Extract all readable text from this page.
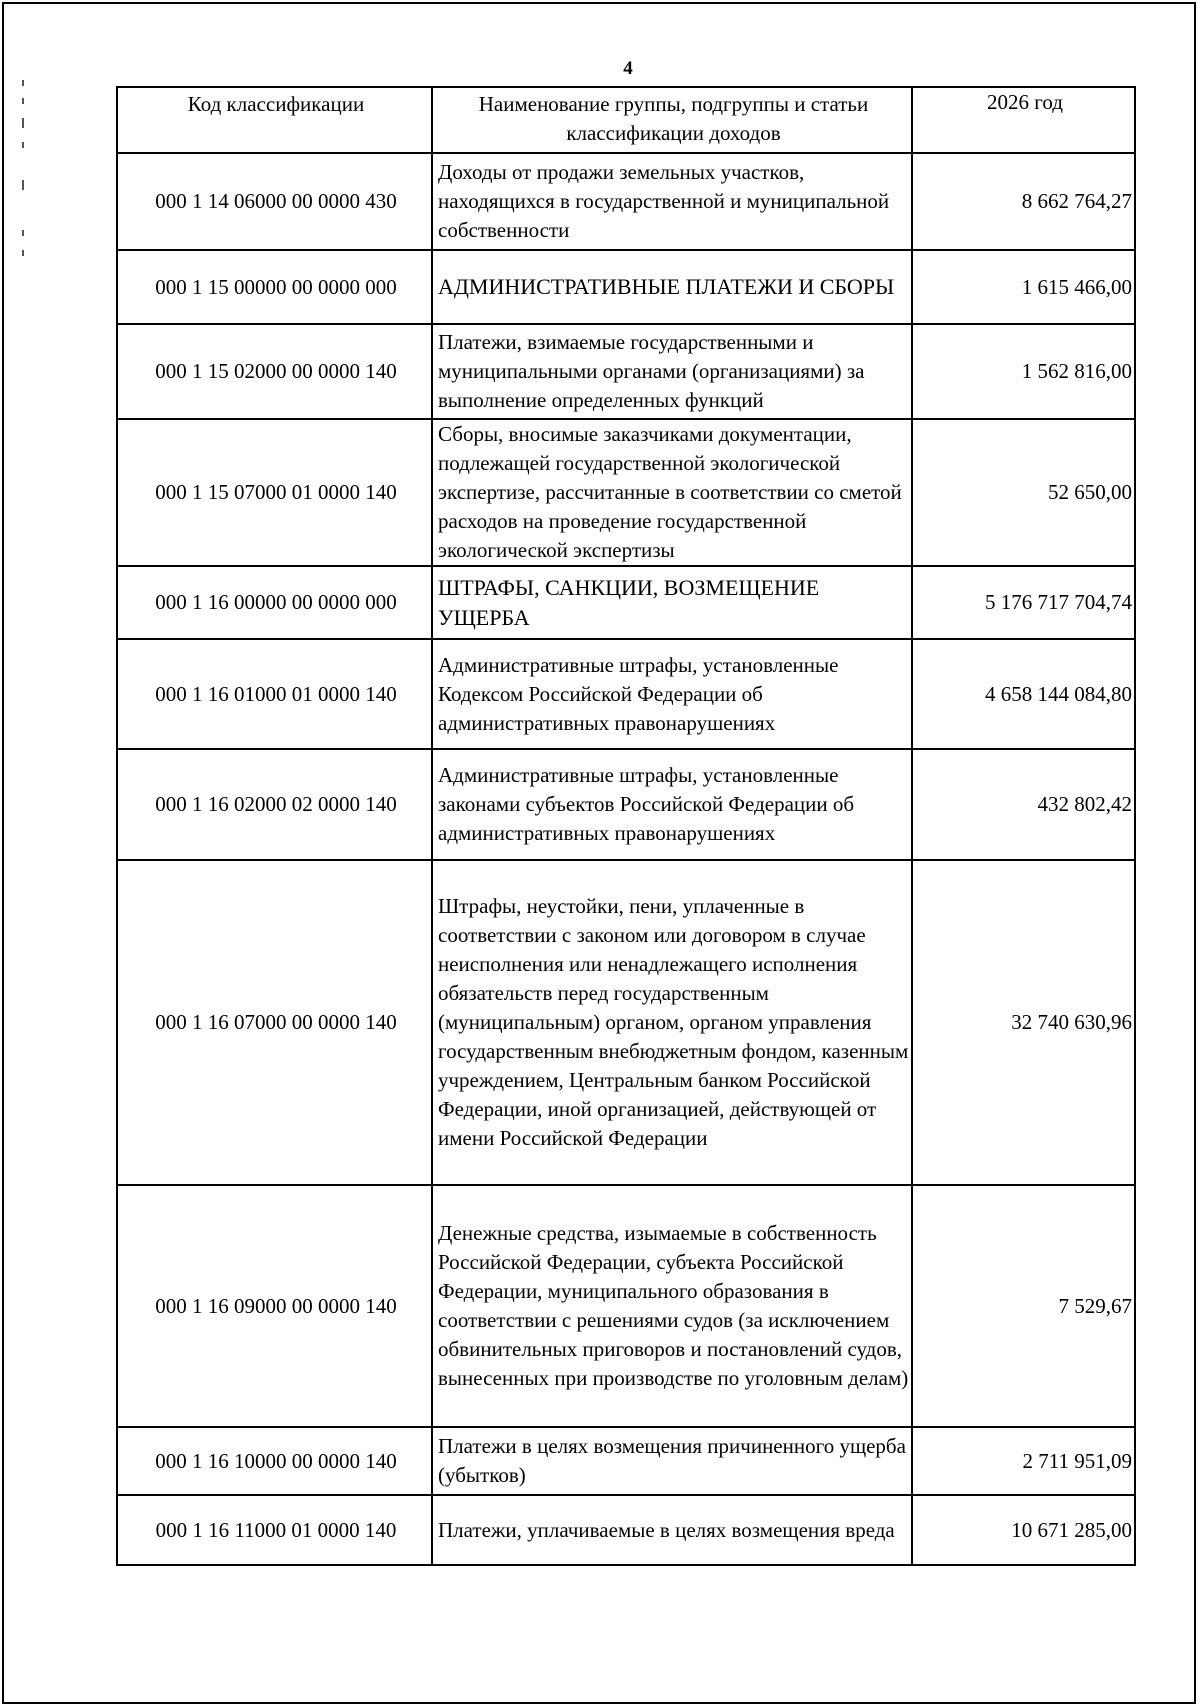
4
Код классификации	Наименование группы, подгруппы и статьи классификации доходов	2026 год
000 1 14 06000 00 0000 430	Доходы от продажи земельных участков, находящихся в государственной и муниципальной собственности	8 662 764,27
000 1 15 00000 00 0000 000	АДМИНИСТРАТИВНЫЕ ПЛАТЕЖИ И СБОРЫ	1 615 466,00
000 1 15 02000 00 0000 140	Платежи, взимаемые государственными и муниципальными органами (организациями) за выполнение определенных функций	1 562 816,00
000 1 15 07000 01 0000 140	Сборы, вносимые заказчиками документации, подлежащей государственной экологической экспертизе, рассчитанные в соответствии со сметой расходов на проведение государственной экологической экспертизы	52 650,00
000 1 16 00000 00 0000 000	ШТРАФЫ, САНКЦИИ, ВОЗМЕЩЕНИЕ УЩЕРБА	5 176 717 704,74
000 1 16 01000 01 0000 140	Административные штрафы, установленные Кодексом Российской Федерации об административных правонарушениях	4 658 144 084,80
000 1 16 02000 02 0000 140	Административные штрафы, установленные законами субъектов Российской Федерации об административных правонарушениях	432 802,42
000 1 16 07000 00 0000 140	Штрафы, неустойки, пени, уплаченные в соответствии с законом или договором в случае неисполнения или ненадлежащего исполнения обязательств перед государственным (муниципальным) органом, органом управления государственным внебюджетным фондом, казенным учреждением, Центральным банком Российской Федерации, иной организацией, действующей от имени Российской Федерации	32 740 630,96
000 1 16 09000 00 0000 140	Денежные средства, изымаемые в собственность Российской Федерации, субъекта Российской Федерации, муниципального образования в соответствии с решениями судов (за исключением обвинительных приговоров и постановлений судов, вынесенных при производстве по уголовным делам)	7 529,67
000 1 16 10000 00 0000 140	Платежи в целях возмещения причиненного ущерба (убытков)	2 711 951,09
000 1 16 11000 01 0000 140	Платежи, уплачиваемые в целях возмещения вреда	10 671 285,00
